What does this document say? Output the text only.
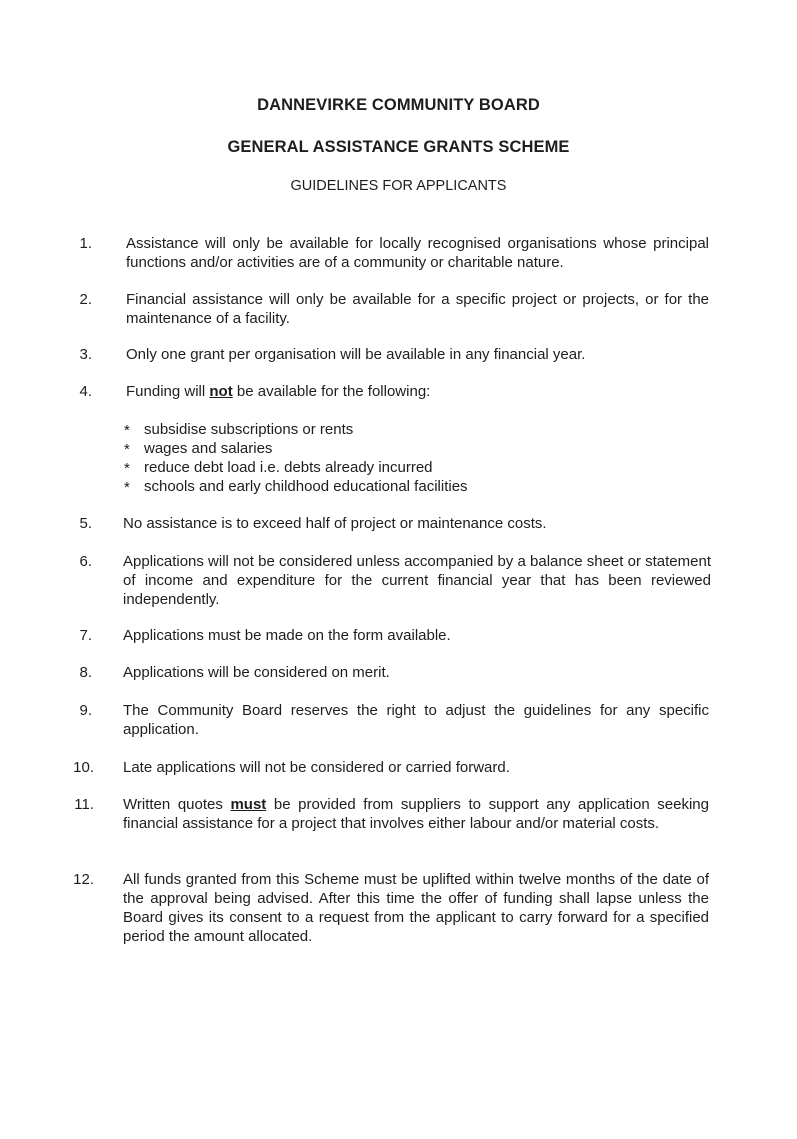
DANNEVIRKE COMMUNITY BOARD
GENERAL ASSISTANCE GRANTS SCHEME
GUIDELINES FOR APPLICANTS
1. Assistance will only be available for locally recognised organisations whose principal functions and/or activities are of a community or charitable nature.
2. Financial assistance will only be available for a specific project or projects, or for the maintenance of a facility.
3. Only one grant per organisation will be available in any financial year.
4. Funding will not be available for the following:
* subsidise subscriptions or rents
* wages and salaries
* reduce debt load i.e. debts already incurred
* schools and early childhood educational facilities
5. No assistance is to exceed half of project or maintenance costs.
6. Applications will not be considered unless accompanied by a balance sheet or statement of income and expenditure for the current financial year that has been reviewed independently.
7. Applications must be made on the form available.
8. Applications will be considered on merit.
9. The Community Board reserves the right to adjust the guidelines for any specific application.
10. Late applications will not be considered or carried forward.
11. Written quotes must be provided from suppliers to support any application seeking financial assistance for a project that involves either labour and/or material costs.
12. All funds granted from this Scheme must be uplifted within twelve months of the date of the approval being advised. After this time the offer of funding shall lapse unless the Board gives its consent to a request from the applicant to carry forward for a specified period the amount allocated.
